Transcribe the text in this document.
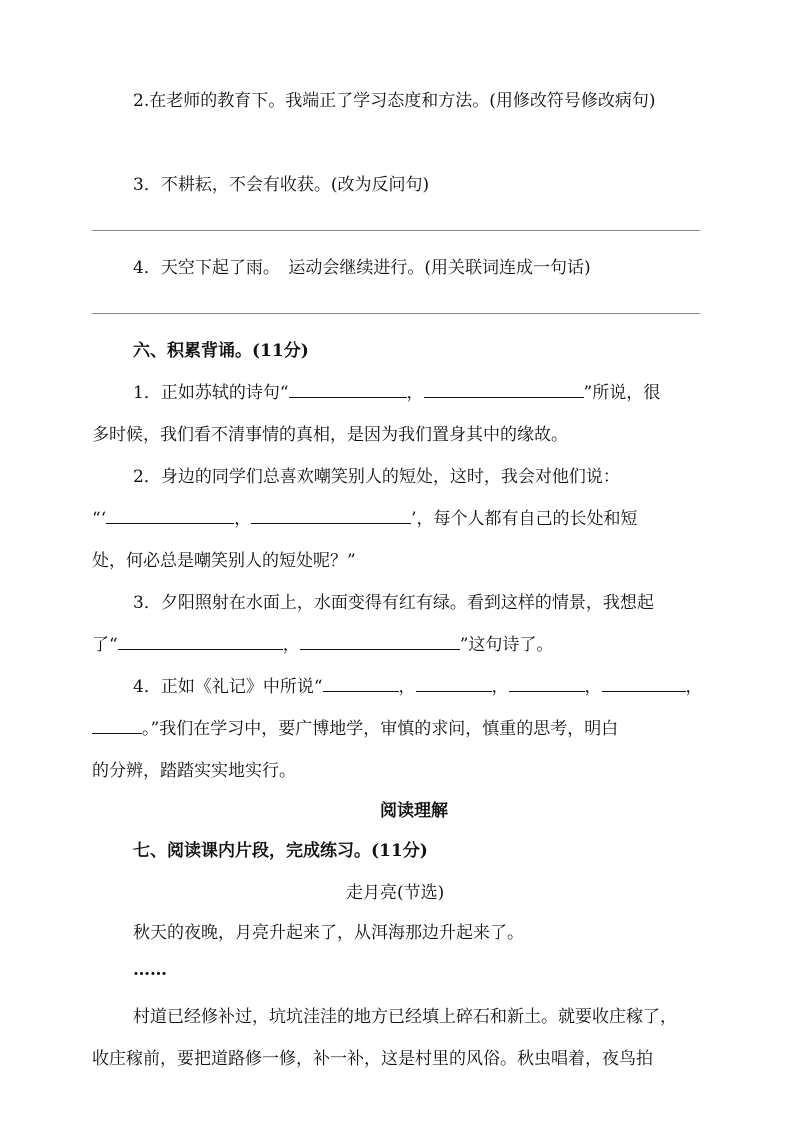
2.在老师的教育下。我端正了学习态度和方法。(用修改符号修改病句)
3．不耕耘，不会有收获。(改为反问句)
4．天空下起了雨。　运动会继续进行。(用关联词连成一句话)
六、积累背诵。(11分)
1．正如苏轼的诗句“	，	”所说，很
多时候，我们看不清事情的真相，是因为我们置身其中的缘故。
2．身边的同学们总喜欢嘲笑别人的短处，这时，我会对他们说：
“‘	，	’，每个人都有自己的长处和短
处，何必总是嘲笑别人的短处呢？”
3．夕阳照射在水面上，水面变得有红有绿。看到这样的情景，我想起
了“	，	”这句诗了。
4．正如《礼记》中所说“	，	，	，	，
。”我们在学习中，要广博地学，审慎的求问，慎重的思考，明白
的分辨，踏踏实实地实行。
阅读理解
七、阅读课内片段，完成练习。(11分)
走月亮(节选)
秋天的夜晚，月亮升起来了，从洱海那边升起来了。
……
村道已经修补过，坑坑洼洼的地方已经填上碎石和新土。就要收庄稼了，
收庄稼前，要把道路修一修，补一补，这是村里的风俗。秋虫唱着，夜鸟拍
